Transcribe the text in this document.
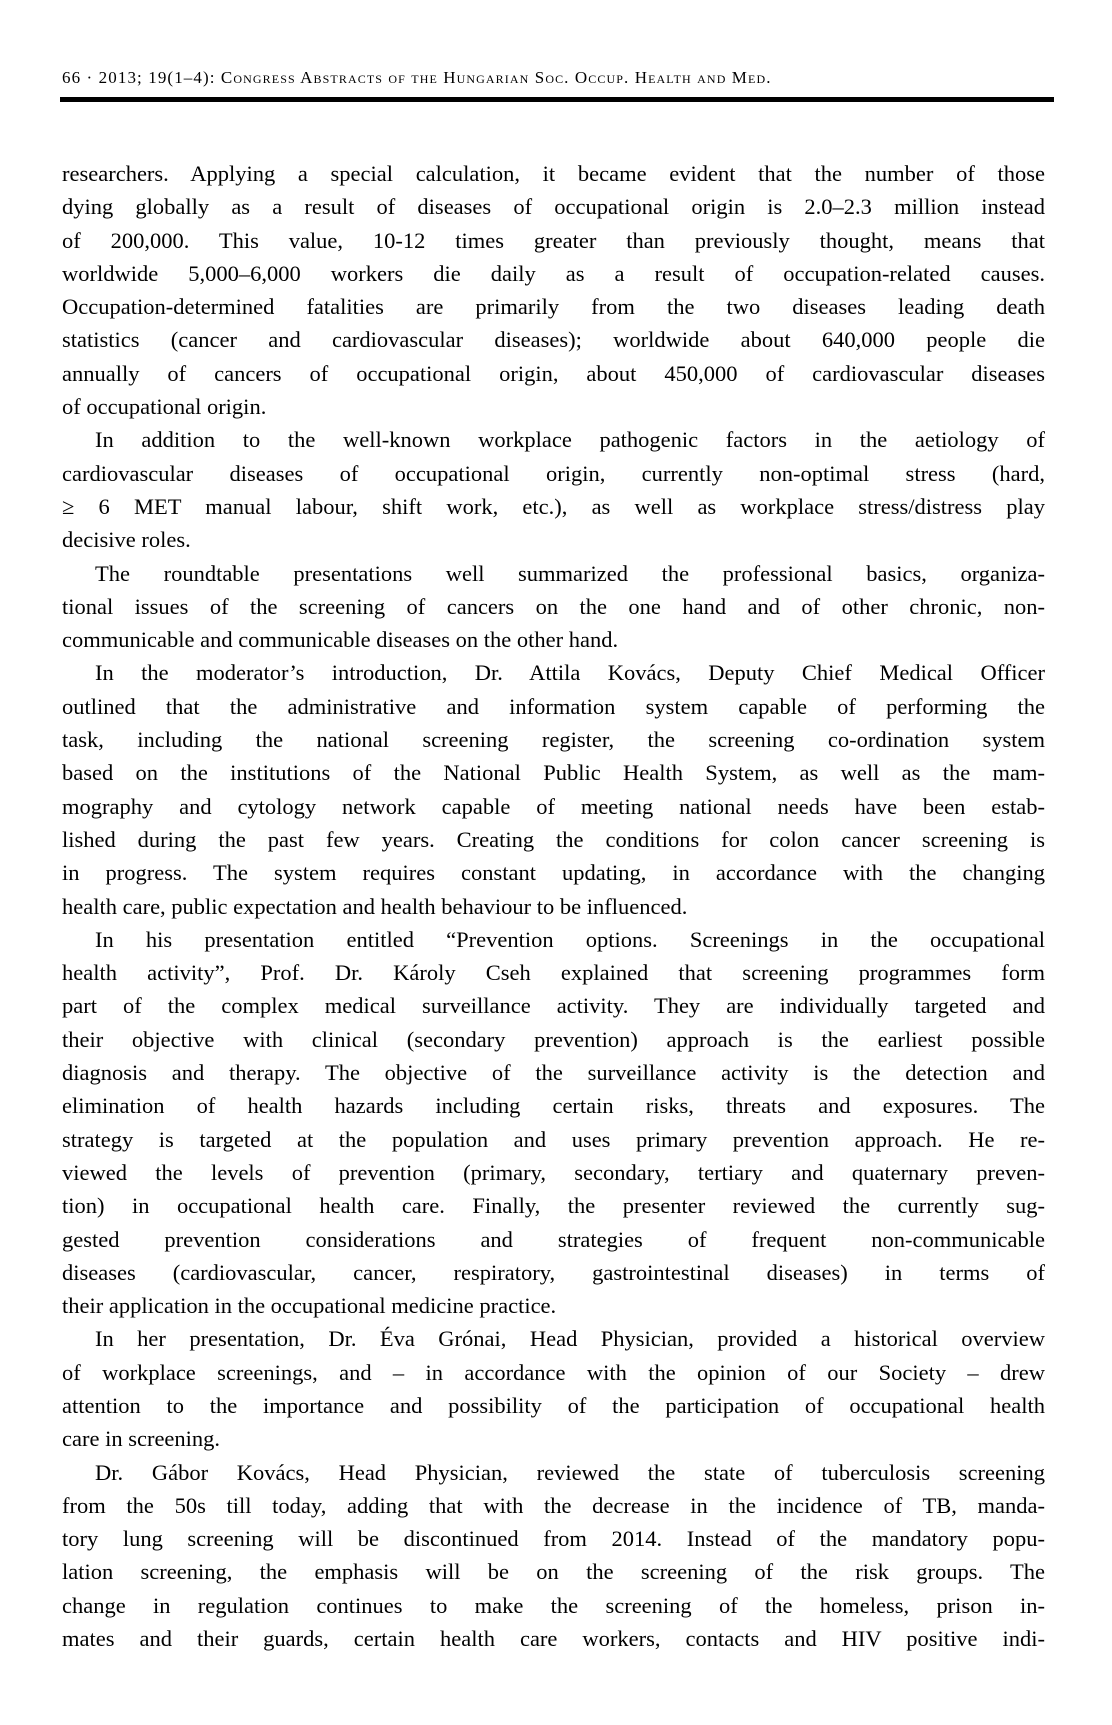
66 · 2013; 19(1–4): Congress Abstracts of the Hungarian Soc. Occup. Health and Med.
researchers. Applying a special calculation, it became evident that the number of those
dying globally as a result of diseases of occupational origin is 2.0–2.3 million instead
of 200,000. This value, 10-12 times greater than previously thought, means that
worldwide 5,000–6,000 workers die daily as a result of occupation-related causes.
Occupation-determined fatalities are primarily from the two diseases leading death
statistics (cancer and cardiovascular diseases); worldwide about 640,000 people die
annually of cancers of occupational origin, about 450,000 of cardiovascular diseases
of occupational origin.
In addition to the well-known workplace pathogenic factors in the aetiology of
cardiovascular diseases of occupational origin, currently non-optimal stress (hard,
≥ 6 MET manual labour, shift work, etc.), as well as workplace stress/distress play
decisive roles.
The roundtable presentations well summarized the professional basics, organiza-
tional issues of the screening of cancers on the one hand and of other chronic, non-
communicable and communicable diseases on the other hand.
In the moderator’s introduction, Dr. Attila Kovács, Deputy Chief Medical Officer
outlined that the administrative and information system capable of performing the
task, including the national screening register, the screening co-ordination system
based on the institutions of the National Public Health System, as well as the mam-
mography and cytology network capable of meeting national needs have been estab-
lished during the past few years. Creating the conditions for colon cancer screening is
in progress. The system requires constant updating, in accordance with the changing
health care, public expectation and health behaviour to be influenced.
In his presentation entitled “Prevention options. Screenings in the occupational
health activity”, Prof. Dr. Károly Cseh explained that screening programmes form
part of the complex medical surveillance activity. They are individually targeted and
their objective with clinical (secondary prevention) approach is the earliest possible
diagnosis and therapy. The objective of the surveillance activity is the detection and
elimination of health hazards including certain risks, threats and exposures. The
strategy is targeted at the population and uses primary prevention approach. He re-
viewed the levels of prevention (primary, secondary, tertiary and quaternary preven-
tion) in occupational health care. Finally, the presenter reviewed the currently sug-
gested prevention considerations and strategies of frequent non-communicable
diseases (cardiovascular, cancer, respiratory, gastrointestinal diseases) in terms of
their application in the occupational medicine practice.
In her presentation, Dr. Éva Grónai, Head Physician, provided a historical overview
of workplace screenings, and – in accordance with the opinion of our Society – drew
attention to the importance and possibility of the participation of occupational health
care in screening.
Dr. Gábor Kovács, Head Physician, reviewed the state of tuberculosis screening
from the 50s till today, adding that with the decrease in the incidence of TB, manda-
tory lung screening will be discontinued from 2014. Instead of the mandatory popu-
lation screening, the emphasis will be on the screening of the risk groups. The
change in regulation continues to make the screening of the homeless, prison in-
mates and their guards, certain health care workers, contacts and HIV positive indi-
